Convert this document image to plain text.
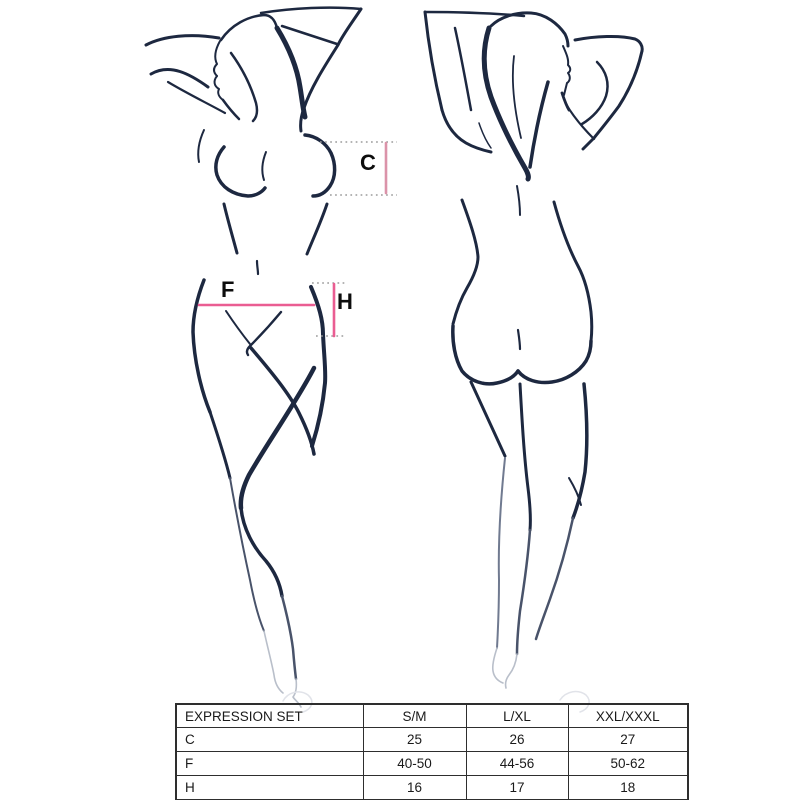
C
F	H
EXPRESSION SET	S/M	L/XL	XXL/XXXL
C	25	26	27
F	40-50	44-56	50-62
H	16	17	18
